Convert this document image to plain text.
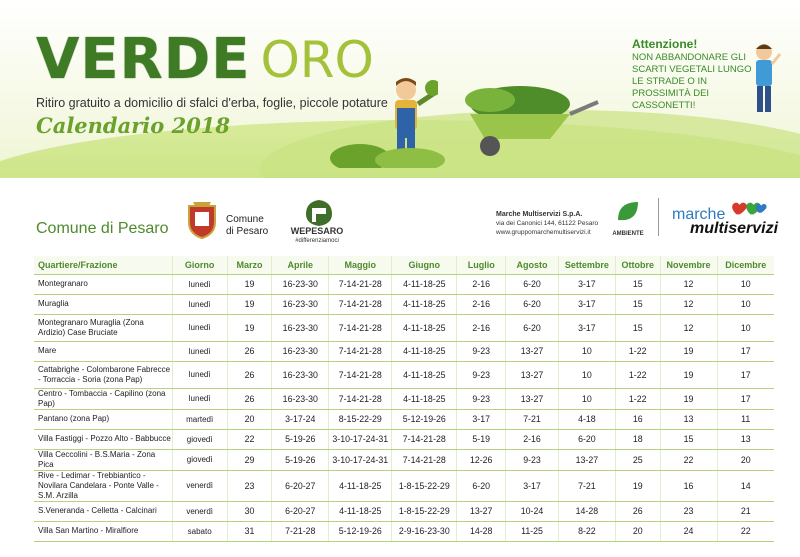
VERDE ORO
Ritiro gratuito a domicilio di sfalci d'erba, foglie, piccole potature
Calendario 2018
Attenzione!
NON ABBANDONARE GLI SCARTI VEGETALI LUNGO LE STRADE O IN PROSSIMITÀ DEI CASSONETTI!
Comune di Pesaro
Comune
di Pesaro	WEPESARO
#differenziamoci
Marche Multiservizi S.p.A.
via dei Canonici 144, 61122 Pesaro
www.gruppomarchemultiservizi.it	AMBIENTE
marche
multiservizi
Quartiere/Frazione	Giorno	Marzo	Aprile	Maggio	Giugno	Luglio	Agosto	Settembre	Ottobre	Novembre	Dicembre
Montegranaro	lunedì	19	16-23-30	7-14-21-28	4-11-18-25	2-16	6-20	3-17	15	12	10
Muraglia	lunedì	19	16-23-30	7-14-21-28	4-11-18-25	2-16	6-20	3-17	15	12	10
Montegranaro Muraglia (Zona Ardizio) Case Bruciate	lunedì	19	16-23-30	7-14-21-28	4-11-18-25	2-16	6-20	3-17	15	12	10
Mare	lunedì	26	16-23-30	7-14-21-28	4-11-18-25	9-23	13-27	10	1-22	19	17
Cattabrighe - Colombarone Fabrecce - Torraccia - Soria (zona Pap)	lunedì	26	16-23-30	7-14-21-28	4-11-18-25	9-23	13-27	10	1-22	19	17
Centro - Tombaccia - Capilino (zona Pap)	lunedì	26	16-23-30	7-14-21-28	4-11-18-25	9-23	13-27	10	1-22	19	17
Pantano (zona Pap)	martedì	20	3-17-24	8-15-22-29	5-12-19-26	3-17	7-21	4-18	16	13	11
Villa Fastiggi - Pozzo Alto - Babbucce	giovedì	22	5-19-26	3-10-17-24-31	7-14-21-28	5-19	2-16	6-20	18	15	13
Villa Ceccolini - B.S.Maria - Zona Pica	giovedì	29	5-19-26	3-10-17-24-31	7-14-21-28	12-26	9-23	13-27	25	22	20
Rive - Ledimar - Trebbiantico - Novilara Candelara - Ponte Valle - S.M. Arzilla	venerdì	23	6-20-27	4-11-18-25	1-8-15-22-29	6-20	3-17	7-21	19	16	14
S.Veneranda - Celletta - Calcinari	venerdì	30	6-20-27	4-11-18-25	1-8-15-22-29	13-27	10-24	14-28	26	23	21
Villa San Martino - Miralfiore	sabato	31	7-21-28	5-12-19-26	2-9-16-23-30	14-28	11-25	8-22	20	24	22
